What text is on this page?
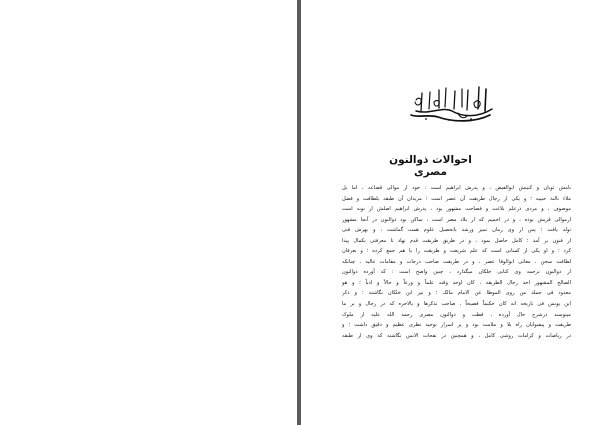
احوالات ذوالنون مصری
نامش ثوبان و کنیتش ابوالفیض ، و پدرش ابراهیم است : خود از موالی قضاعه ، اما بل
ملاء نالنة حبيبه ؛ و یکی از رجال طریقت آن عصر است ؛ مریدان آن طبقه بلطافت و فضل
موصوف ، و مردی درعلم بلاغت و فصاحت مشهور بود ، پدرش ابراهیم اصلش از نوبه است
ازموالی قریش بوده ، و در اخمیم که از بلاد مصر است ، ساکن بود ذوالنون در آنجا مشهور
تولد یافت ؛ پس از وی زمان تمیز ورشد باتحصیل علوم همت گماشت ، و بهرش فنی
از فنون بر آمد ؛ کامل حاصل نمود ، و در طریق طریقت قدم نهاد تا معرفتی بکمال پیدا
کرد ؛ و او یکی از کسانی است که علم شریعت و طریقت را با هم جمع کرده ؛ و بعرفان
لطافت سخن ، معانی ابوالوفا عصر ، و در طریقت صاحب درجات و مقامات عالیه ، چنانکه
از ذوالنون ترجمه وی کتابی خلکان میگذارد ، چنین واضح است : که آورده ذوالنون
الصالح المشهور احد رجال الطریقة ، کان اوحد وقته علماً و ورعاً و حالاً و ادباً ؛ و هو
معدود فی جملة من روی الموطا عن الامام مالک ؛ و نیز ابن خلکان نگاشته ؛ و ذکر
ابن یونس فی تاریخه انه کان حکیماً فصیحاً ، صاحب تذکرها و بالاخره که در رجال و بر ما
میتوسند درشرح حال آورده ، قطب و ذوالنون مصری رحمة الله علیه از ملوک
طریقت و پیشوایان راه بلا و ملامت بود و پر اسرار توحید نظری عظیم و دقیق داشت ؛ و
در ریاضات و کرامات روشی کامل ، و همچنین در نفحات الانس نگاشته که وی از طبقه
